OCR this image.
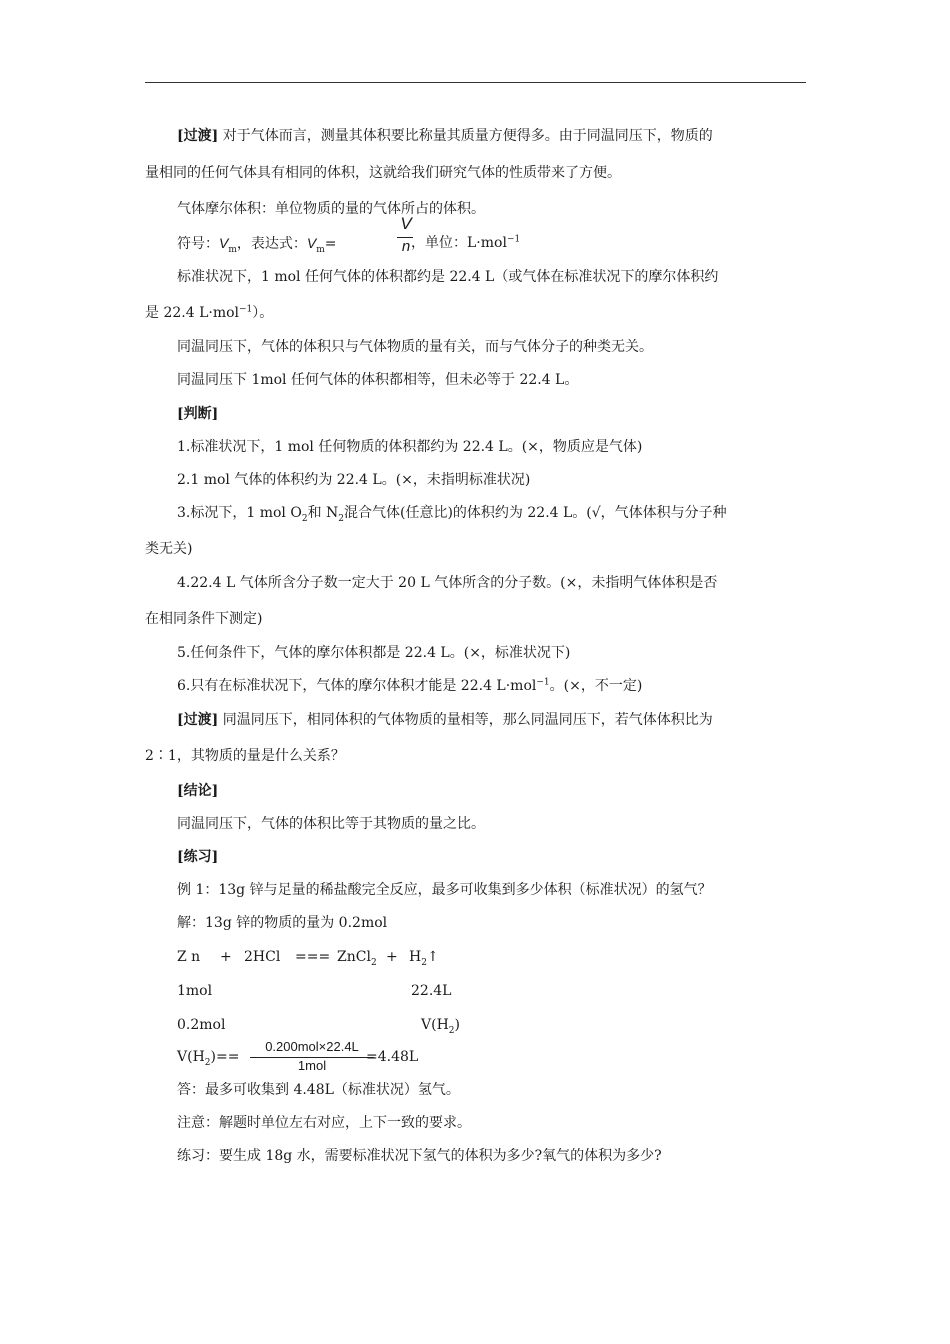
[过渡] 对于气体而言，测量其体积要比称量其质量方便得多。由于同温同压下，物质的
量相同的任何气体具有相同的体积，这就给我们研究气体的性质带来了方便。
气体摩尔体积：单位物质的量的气体所占的体积。
符号：$V_m$，表达式：$V_m=$
V
n ，单位：L·mol$^{-1}$
标准状况下，1 mol 任何气体的体积都约是 22.4 L（或气体在标准状况下的摩尔体积约
是 22.4 L·mol$^{-1}$）。
同温同压下，气体的体积只与气体物质的量有关，而与气体分子的种类无关。
同温同压下 1mol 任何气体的体积都相等，但未必等于 22.4 L。
[判断]
1.标准状况下，1 mol 任何物质的体积都约为 22.4 L。(×，物质应是气体)
2.1 mol 气体的体积约为 22.4 L。(×，未指明标准状况)
3.标况下，1 mol $O_2$和 $N_2$混合气体(任意比)的体积约为 22.4 L。(√，气体体积与分子种
类无关)
4.22.4 L 气体所含分子数一定大于 20 L 气体所含的分子数。(×，未指明气体体积是否
在相同条件下测定)
5.任何条件下，气体的摩尔体积都是 22.4 L。(×，标准状况下)
6.只有在标准状况下，气体的摩尔体积才能是 22.4 L·mol$^{-1}$。(×，不一定)
[过渡] 同温同压下，相同体积的气体物质的量相等，那么同温同压下，若气体体积比为
2∶1，其物质的量是什么关系？
[结论]
同温同压下，气体的体积比等于其物质的量之比。
[练习]
例 1：13g 锌与足量的稀盐酸完全反应，最多可收集到多少体积（标准状况）的氢气？
解：13g 锌的物质的量为 0.2mol
Z n + 2HCl === ZnCl$_2$ + $H_2↑$
1mol	22.4L
0.2mol	$V(H_2)$
$V(H_2)==$
0.200mol×22.4L
1mol
=4.48L
答：最多可收集到 4.48L（标准状况）氢气。
注意：解题时单位左右对应，上下一致的要求。
练习：要生成 18g 水，需要标准状况下氢气的体积为多少?氧气的体积为多少?
